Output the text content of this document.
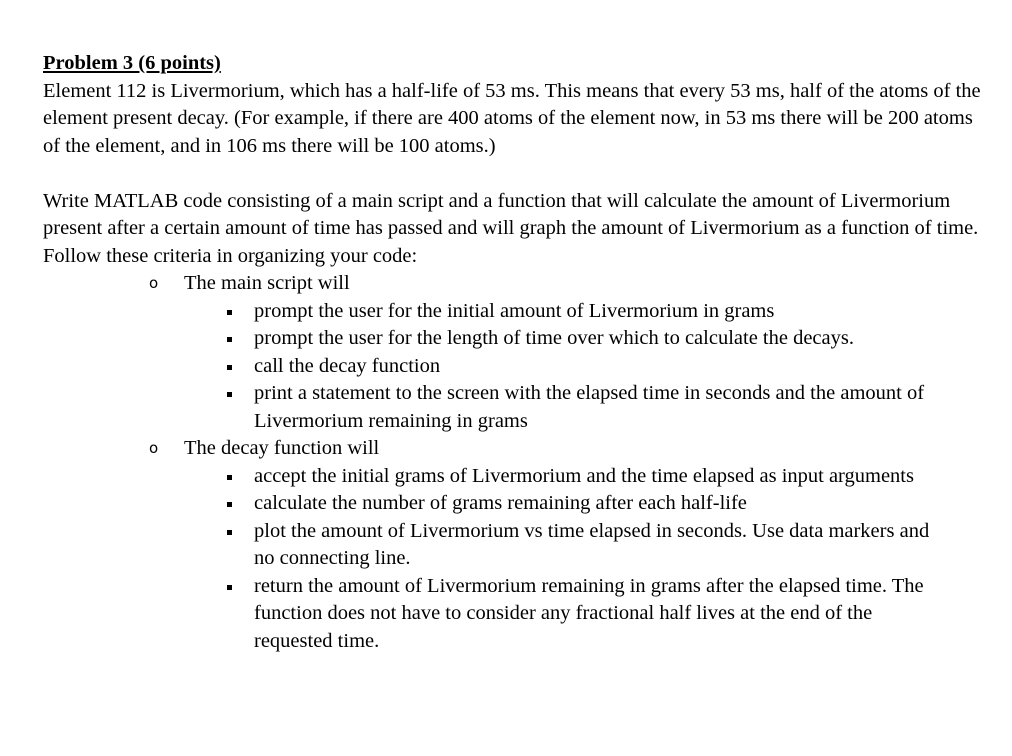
Problem 3 (6 points)

Element 112 is Livermorium, which has a half-life of 53 ms. This means that every 53 ms, half of the atoms of the element present decay. (For example, if there are 400 atoms of the element now, in 53 ms there will be 200 atoms of the element, and in 106 ms there will be 100 atoms.)

Write MATLAB code consisting of a main script and a function that will calculate the amount of Livermorium present after a certain amount of time has passed and will graph the amount of Livermorium as a function of time. Follow these criteria in organizing your code:

o The main script will
prompt the user for the initial amount of Livermorium in grams
prompt the user for the length of time over which to calculate the decays.
call the decay function
print a statement to the screen with the elapsed time in seconds and the amount of Livermorium remaining in grams
o The decay function will
accept the initial grams of Livermorium and the time elapsed as input arguments
calculate the number of grams remaining after each half-life
plot the amount of Livermorium vs time elapsed in seconds. Use data markers and no connecting line.
return the amount of Livermorium remaining in grams after the elapsed time. The function does not have to consider any fractional half lives at the end of the requested time.
